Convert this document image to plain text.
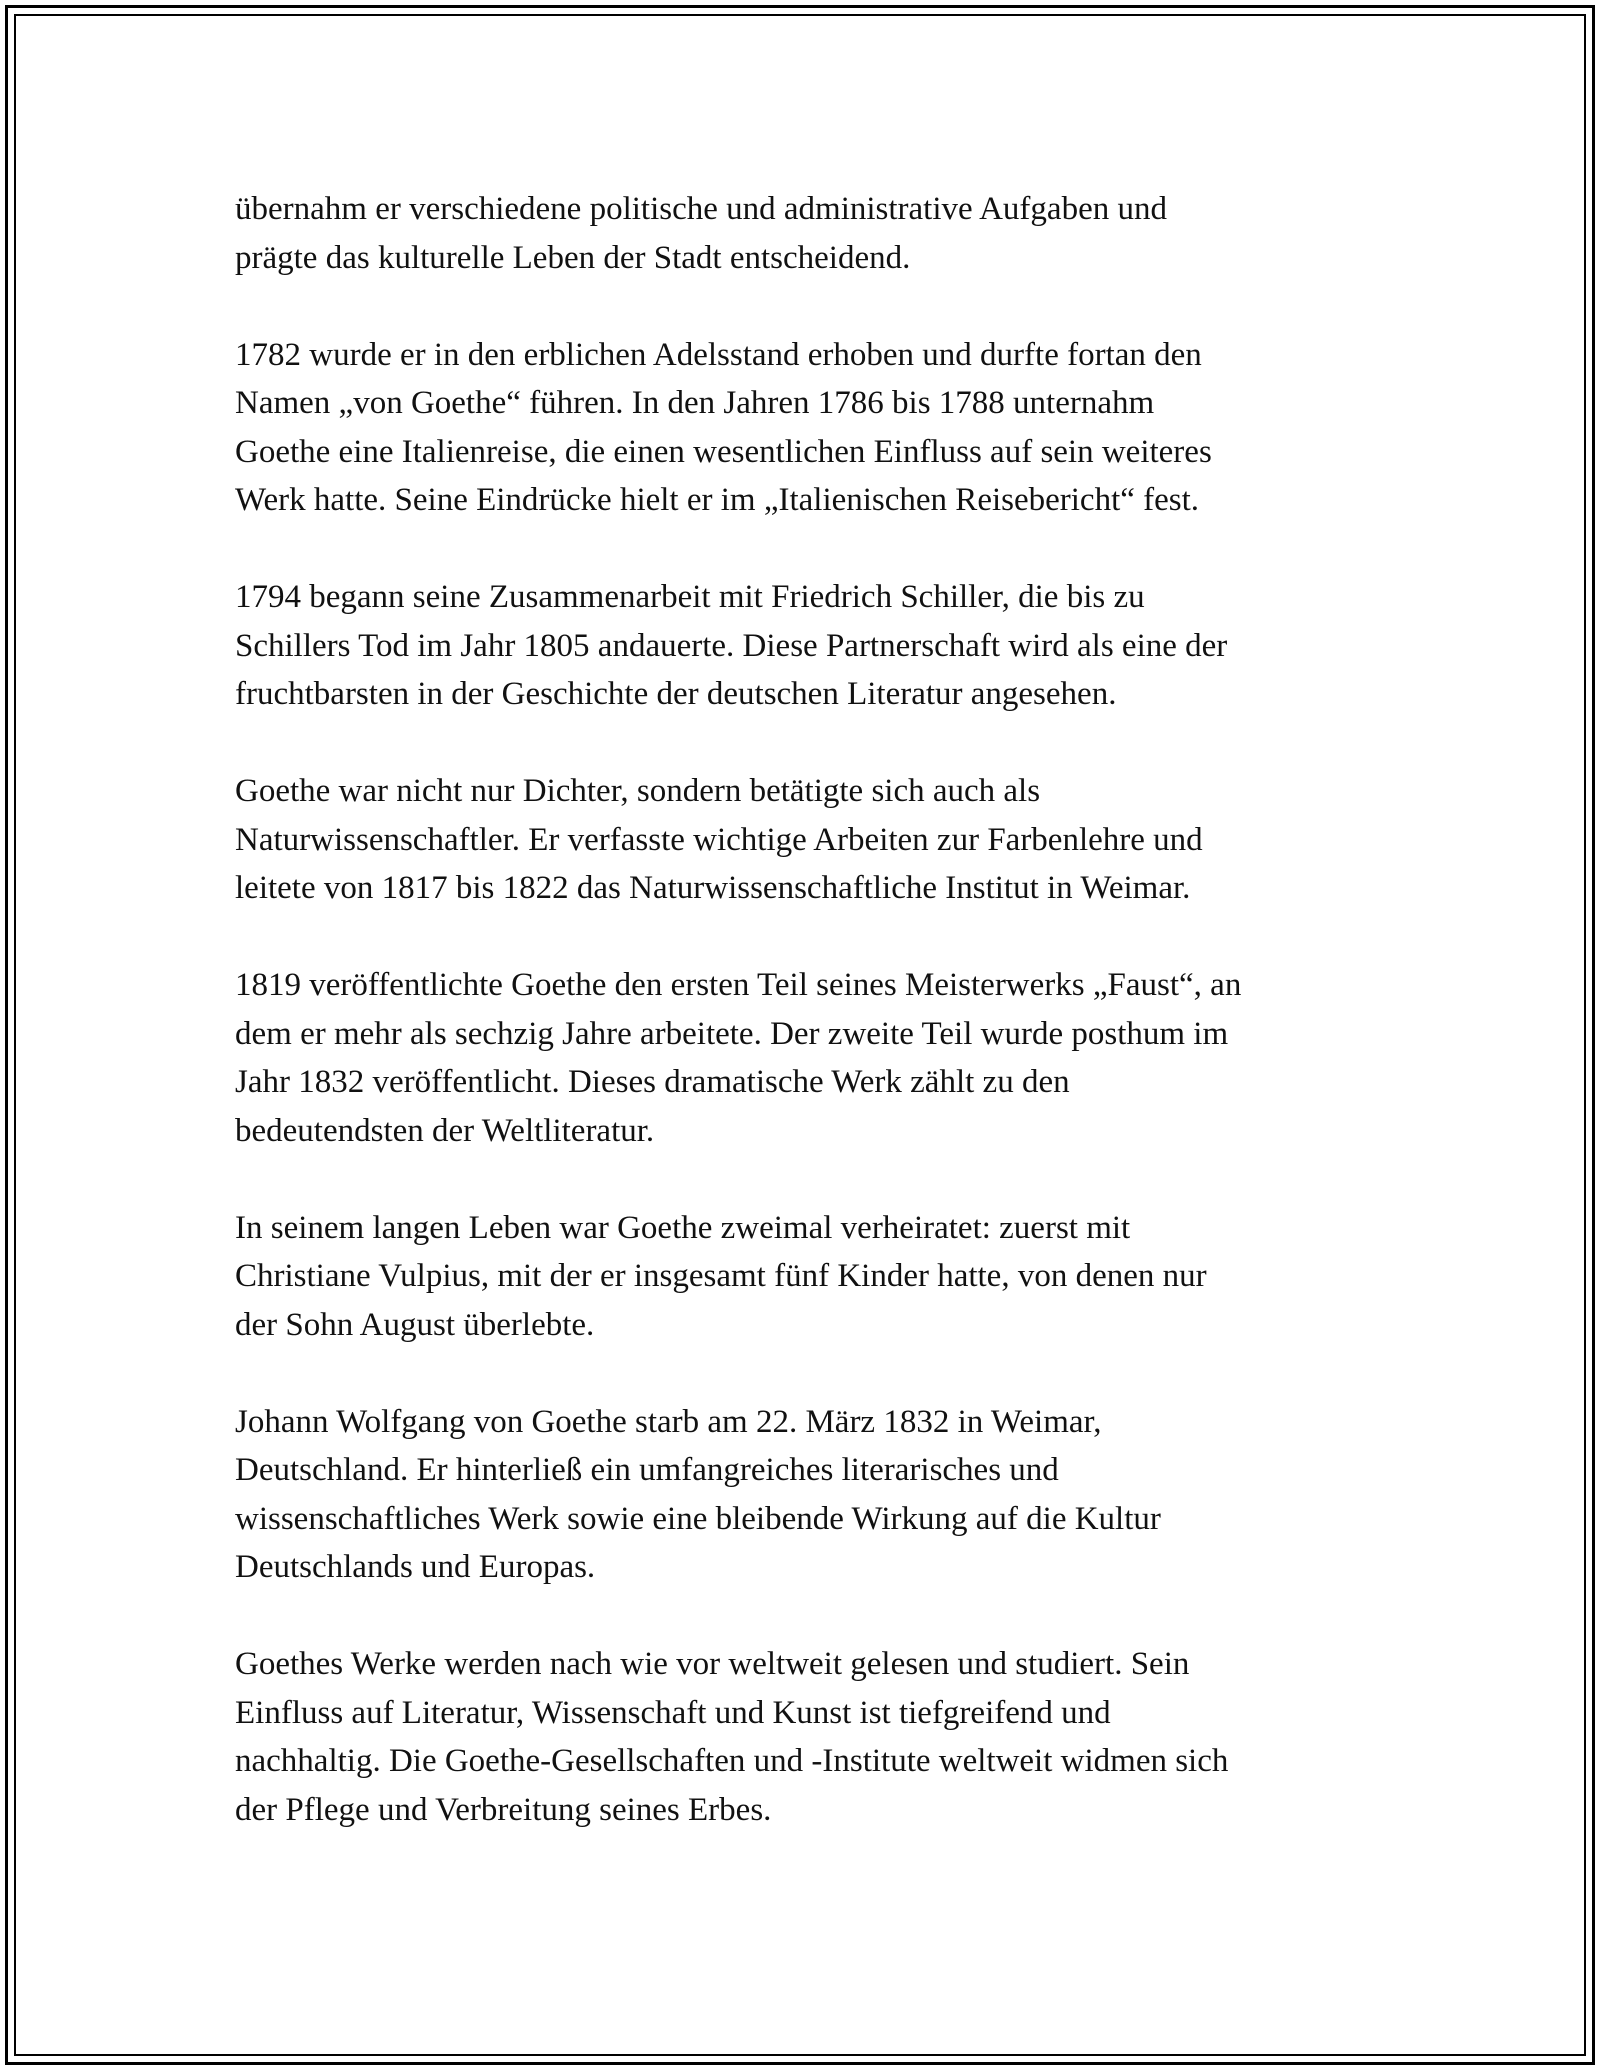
übernahm er verschiedene politische und administrative Aufgaben und
prägte das kulturelle Leben der Stadt entscheidend.

1782 wurde er in den erblichen Adelsstand erhoben und durfte fortan den
Namen „von Goethe“ führen. In den Jahren 1786 bis 1788 unternahm
Goethe eine Italienreise, die einen wesentlichen Einfluss auf sein weiteres
Werk hatte. Seine Eindrücke hielt er im „Italienischen Reisebericht“ fest.

1794 begann seine Zusammenarbeit mit Friedrich Schiller, die bis zu
Schillers Tod im Jahr 1805 andauerte. Diese Partnerschaft wird als eine der
fruchtbarsten in der Geschichte der deutschen Literatur angesehen.

Goethe war nicht nur Dichter, sondern betätigte sich auch als
Naturwissenschaftler. Er verfasste wichtige Arbeiten zur Farbenlehre und
leitete von 1817 bis 1822 das Naturwissenschaftliche Institut in Weimar.

1819 veröffentlichte Goethe den ersten Teil seines Meisterwerks „Faust“, an
dem er mehr als sechzig Jahre arbeitete. Der zweite Teil wurde posthum im
Jahr 1832 veröffentlicht. Dieses dramatische Werk zählt zu den
bedeutendsten der Weltliteratur.

In seinem langen Leben war Goethe zweimal verheiratet: zuerst mit
Christiane Vulpius, mit der er insgesamt fünf Kinder hatte, von denen nur
der Sohn August überlebte.

Johann Wolfgang von Goethe starb am 22. März 1832 in Weimar,
Deutschland. Er hinterließ ein umfangreiches literarisches und
wissenschaftliches Werk sowie eine bleibende Wirkung auf die Kultur
Deutschlands und Europas.

Goethes Werke werden nach wie vor weltweit gelesen und studiert. Sein
Einfluss auf Literatur, Wissenschaft und Kunst ist tiefgreifend und
nachhaltig. Die Goethe-Gesellschaften und -Institute weltweit widmen sich
der Pflege und Verbreitung seines Erbes.
